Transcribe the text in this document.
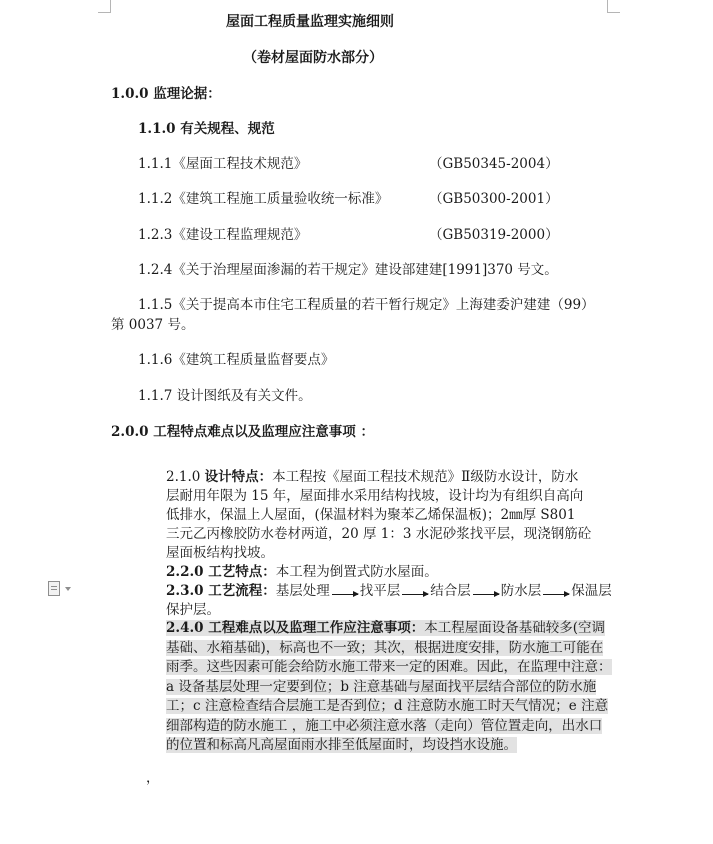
屋面工程质量监理实施细则
（卷材屋面防水部分）
1.0.0 监理论据：
1.1.0 有关规程、规范
1.1.1《屋面工程技术规范》	（GB50345-2004）
1.1.2《建筑工程施工质量验收统一标准》	（GB50300-2001）
1.2.3《建设工程监理规范》	（GB50319-2000）
1.2.4《关于治理屋面渗漏的若干规定》建设部建建[1991]370 号文。
1.1.5《关于提高本市住宅工程质量的若干暂行规定》上海建委沪建建（99）
第 0037 号。
1.1.6《建筑工程质量监督要点》
1.1.7 设计图纸及有关文件。
2.0.0 工程特点难点以及监理应注意事项 ：
2.1.0 设计特点：本工程按《屋面工程技术规范》Ⅱ级防水设计，防水
层耐用年限为 15 年，屋面排水采用结构找坡，设计均为有组织自高向
低排水，保温上人屋面，(保温材料为聚苯乙烯保温板)；2㎜厚 S801
三元乙丙橡胶防水卷材两道，20 厚 1：3 水泥砂浆找平层，现浇钢筋砼
屋面板结构找坡。
2.2.0 工艺特点：本工程为倒置式防水屋面。
2.3.0 工艺流程：基层处理 找平层 结合层 防水层 保温层
保护层。
2.4.0 工程难点以及监理工作应注意事项：本工程屋面设备基础较多(空调基础、水箱基础)，标高也不一致；其次，根据进度安排，防水施工可能在雨季。这些因素可能会给防水施工带来一定的困难。因此，在监理中注意：a 设备基层处理一定要到位；b 注意基础与屋面找平层结合部位的防水施工；c 注意检查结合层施工是否到位；d 注意防水施工时天气情况；e 注意细部构造的防水施工 ，施工中必须注意水落（走向）管位置走向，出水口的位置和标高凡高屋面雨水排至低屋面时，均设挡水设施。
，
